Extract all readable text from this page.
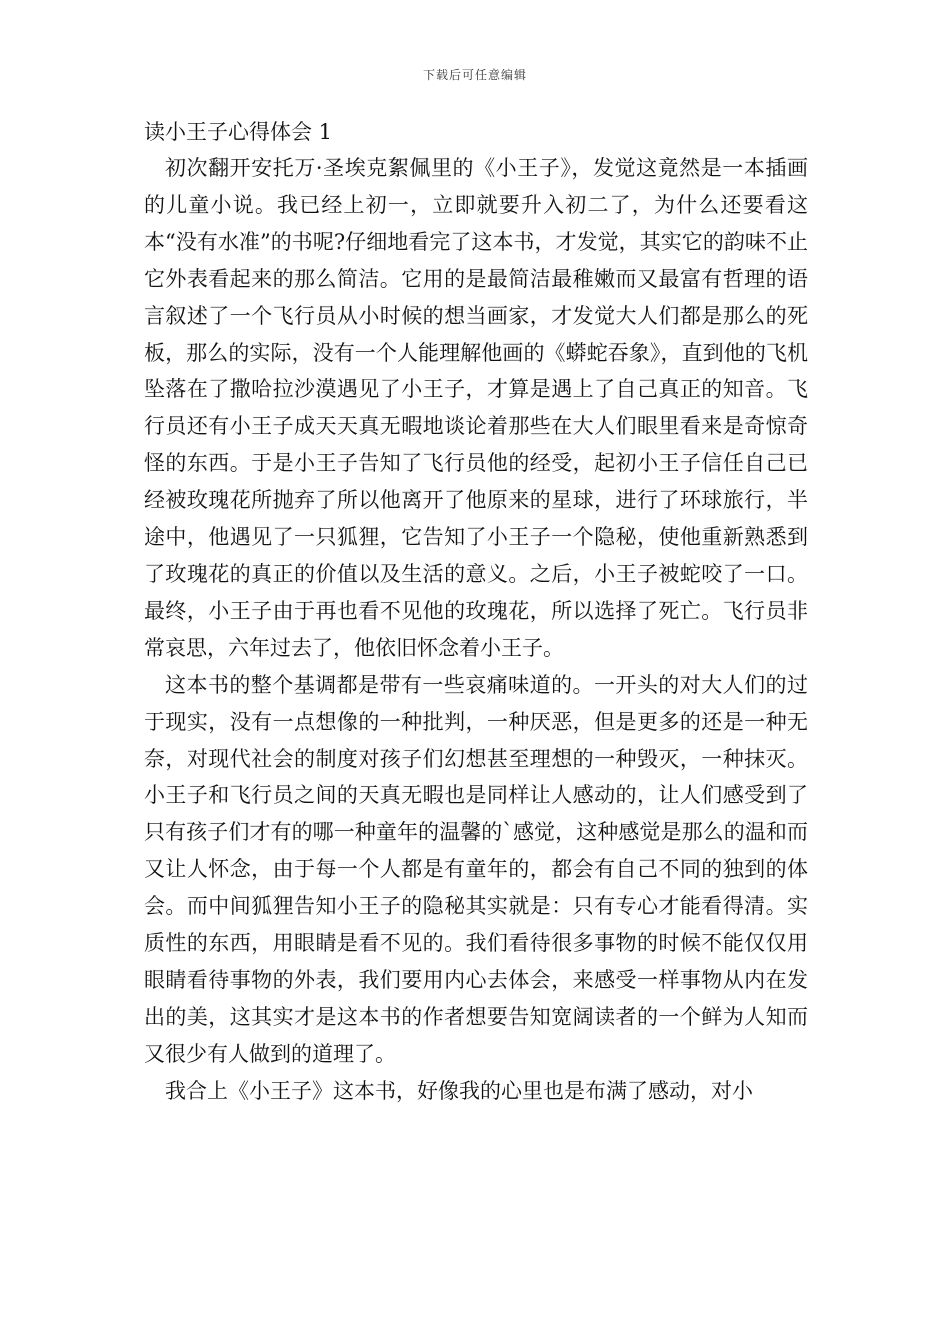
下载后可任意编辑
读小王子心得体会 1

初次翻开安托万·圣埃克絮佩里的《小王子》，发觉这竟然是一本插画的儿童小说。我已经上初一，立即就要升入初二了，为什么还要看这本“没有水准”的书呢?仔细地看完了这本书，才发觉，其实它的韵味不止它外表看起来的那么简洁。它用的是最简洁最稚嫩而又最富有哲理的语言叙述了一个飞行员从小时候的想当画家，才发觉大人们都是那么的死板，那么的实际，没有一个人能理解他画的《蟒蛇吞象》，直到他的飞机坠落在了撒哈拉沙漠遇见了小王子，才算是遇上了自己真正的知音。飞行员还有小王子成天天真无暇地谈论着那些在大人们眼里看来是奇惊奇怪的东西。于是小王子告知了飞行员他的经受，起初小王子信任自己已经被玫瑰花所抛弃了所以他离开了他原来的星球，进行了环球旅行，半途中，他遇见了一只狐狸，它告知了小王子一个隐秘，使他重新熟悉到了玫瑰花的真正的价值以及生活的意义。之后，小王子被蛇咬了一口。最终，小王子由于再也看不见他的玫瑰花，所以选择了死亡。飞行员非常哀思，六年过去了，他依旧怀念着小王子。

这本书的整个基调都是带有一些哀痛味道的。一开头的对大人们的过于现实，没有一点想像的一种批判，一种厌恶，但是更多的还是一种无奈，对现代社会的制度对孩子们幻想甚至理想的一种毁灭，一种抹灭。小王子和飞行员之间的天真无暇也是同样让人感动的，让人们感受到了只有孩子们才有的哪一种童年的温馨的`感觉，这种感觉是那么的温和而又让人怀念，由于每一个人都是有童年的，都会有自己不同的独到的体会。而中间狐狸告知小王子的隐秘其实就是：只有专心才能看得清。实质性的东西，用眼睛是看不见的。我们看待很多事物的时候不能仅仅用眼睛看待事物的外表，我们要用内心去体会，来感受一样事物从内在发出的美，这其实才是这本书的作者想要告知宽阔读者的一个鲜为人知而又很少有人做到的道理了。

我合上《小王子》这本书，好像我的心里也是布满了感动，对小
